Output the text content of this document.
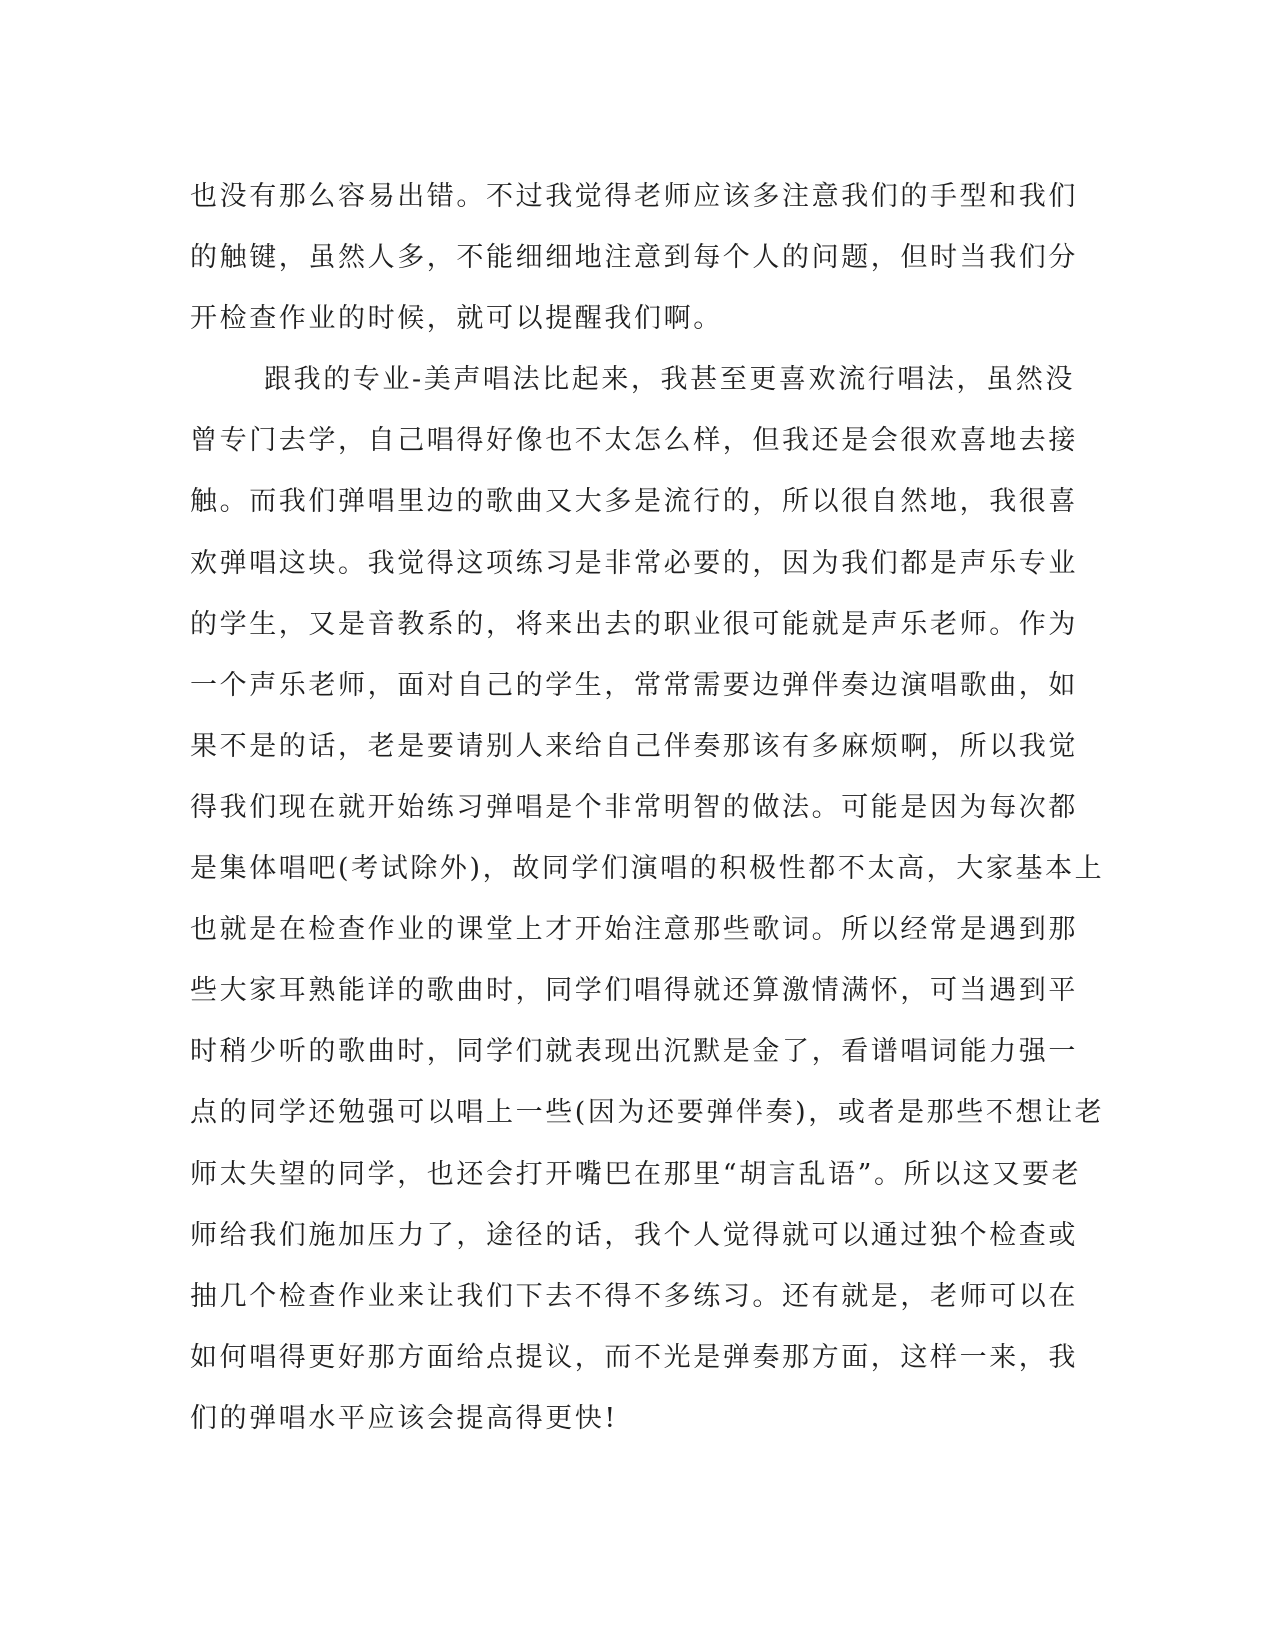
也没有那么容易出错。不过我觉得老师应该多注意我们的手型和我们
的触键，虽然人多，不能细细地注意到每个人的问题，但时当我们分
开检查作业的时候，就可以提醒我们啊。
跟我的专业-美声唱法比起来，我甚至更喜欢流行唱法，虽然没
曾专门去学，自己唱得好像也不太怎么样，但我还是会很欢喜地去接
触。而我们弹唱里边的歌曲又大多是流行的，所以很自然地，我很喜
欢弹唱这块。我觉得这项练习是非常必要的，因为我们都是声乐专业
的学生，又是音教系的，将来出去的职业很可能就是声乐老师。作为
一个声乐老师，面对自己的学生，常常需要边弹伴奏边演唱歌曲，如
果不是的话，老是要请别人来给自己伴奏那该有多麻烦啊，所以我觉
得我们现在就开始练习弹唱是个非常明智的做法。可能是因为每次都
是集体唱吧(考试除外)，故同学们演唱的积极性都不太高，大家基本上
也就是在检查作业的课堂上才开始注意那些歌词。所以经常是遇到那
些大家耳熟能详的歌曲时，同学们唱得就还算激情满怀，可当遇到平
时稍少听的歌曲时，同学们就表现出沉默是金了，看谱唱词能力强一
点的同学还勉强可以唱上一些(因为还要弹伴奏)，或者是那些不想让老
师太失望的同学，也还会打开嘴巴在那里“胡言乱语”。所以这又要老
师给我们施加压力了，途径的话，我个人觉得就可以通过独个检查或
抽几个检查作业来让我们下去不得不多练习。还有就是，老师可以在
如何唱得更好那方面给点提议，而不光是弹奏那方面，这样一来，我
们的弹唱水平应该会提高得更快!
